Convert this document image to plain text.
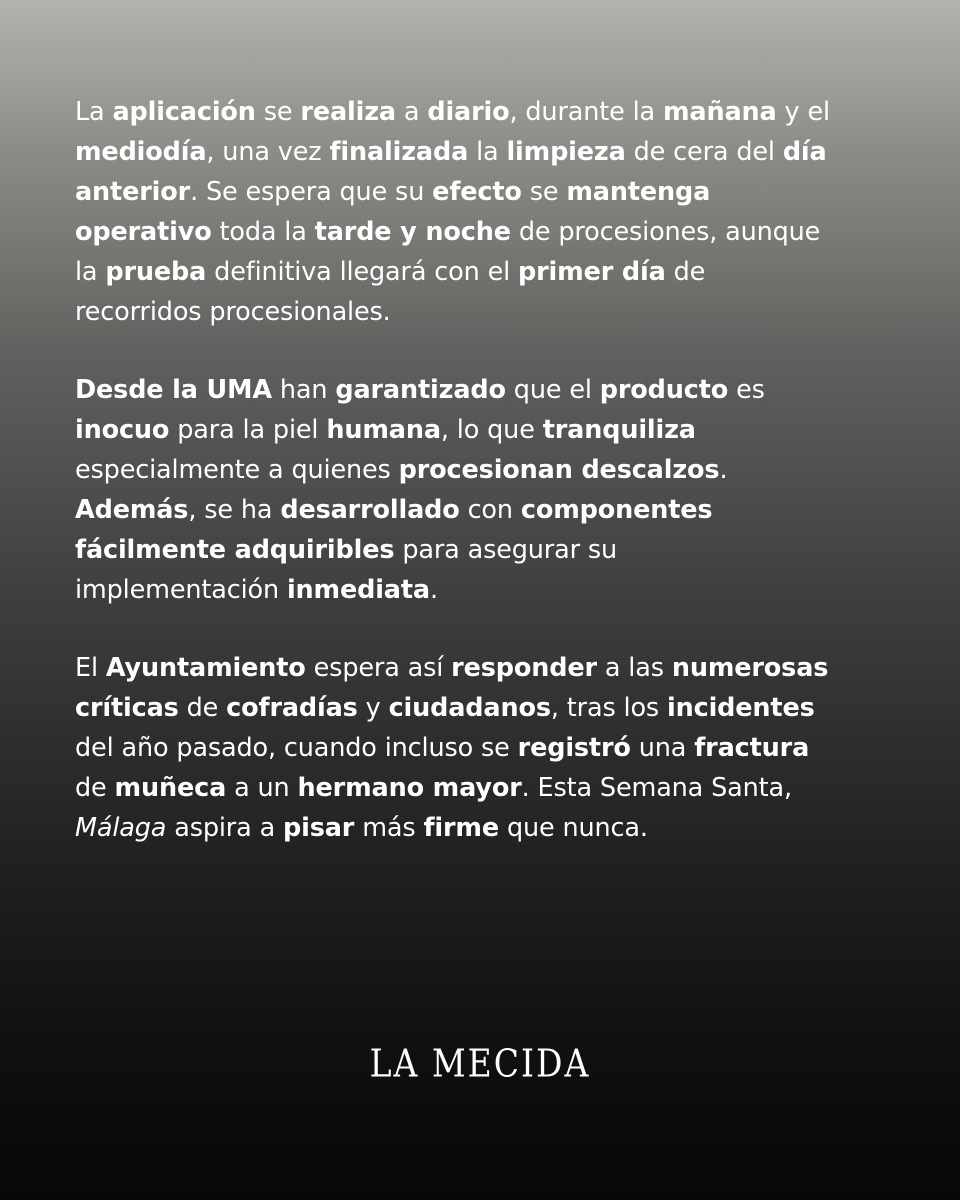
La aplicación se realiza a diario, durante la mañana y el
mediodía, una vez finalizada la limpieza de cera del día
anterior. Se espera que su efecto se mantenga
operativo toda la tarde y noche de procesiones, aunque
la prueba definitiva llegará con el primer día de
recorridos procesionales.

Desde la UMA han garantizado que el producto es
inocuo para la piel humana, lo que tranquiliza
especialmente a quienes procesionan descalzos.
Además, se ha desarrollado con componentes
fácilmente adquiribles para asegurar su
implementación inmediata.

El Ayuntamiento espera así responder a las numerosas
críticas de cofradías y ciudadanos, tras los incidentes
del año pasado, cuando incluso se registró una fractura
de muñeca a un hermano mayor. Esta Semana Santa,
Málaga aspira a pisar más firme que nunca.

LA MECIDA
